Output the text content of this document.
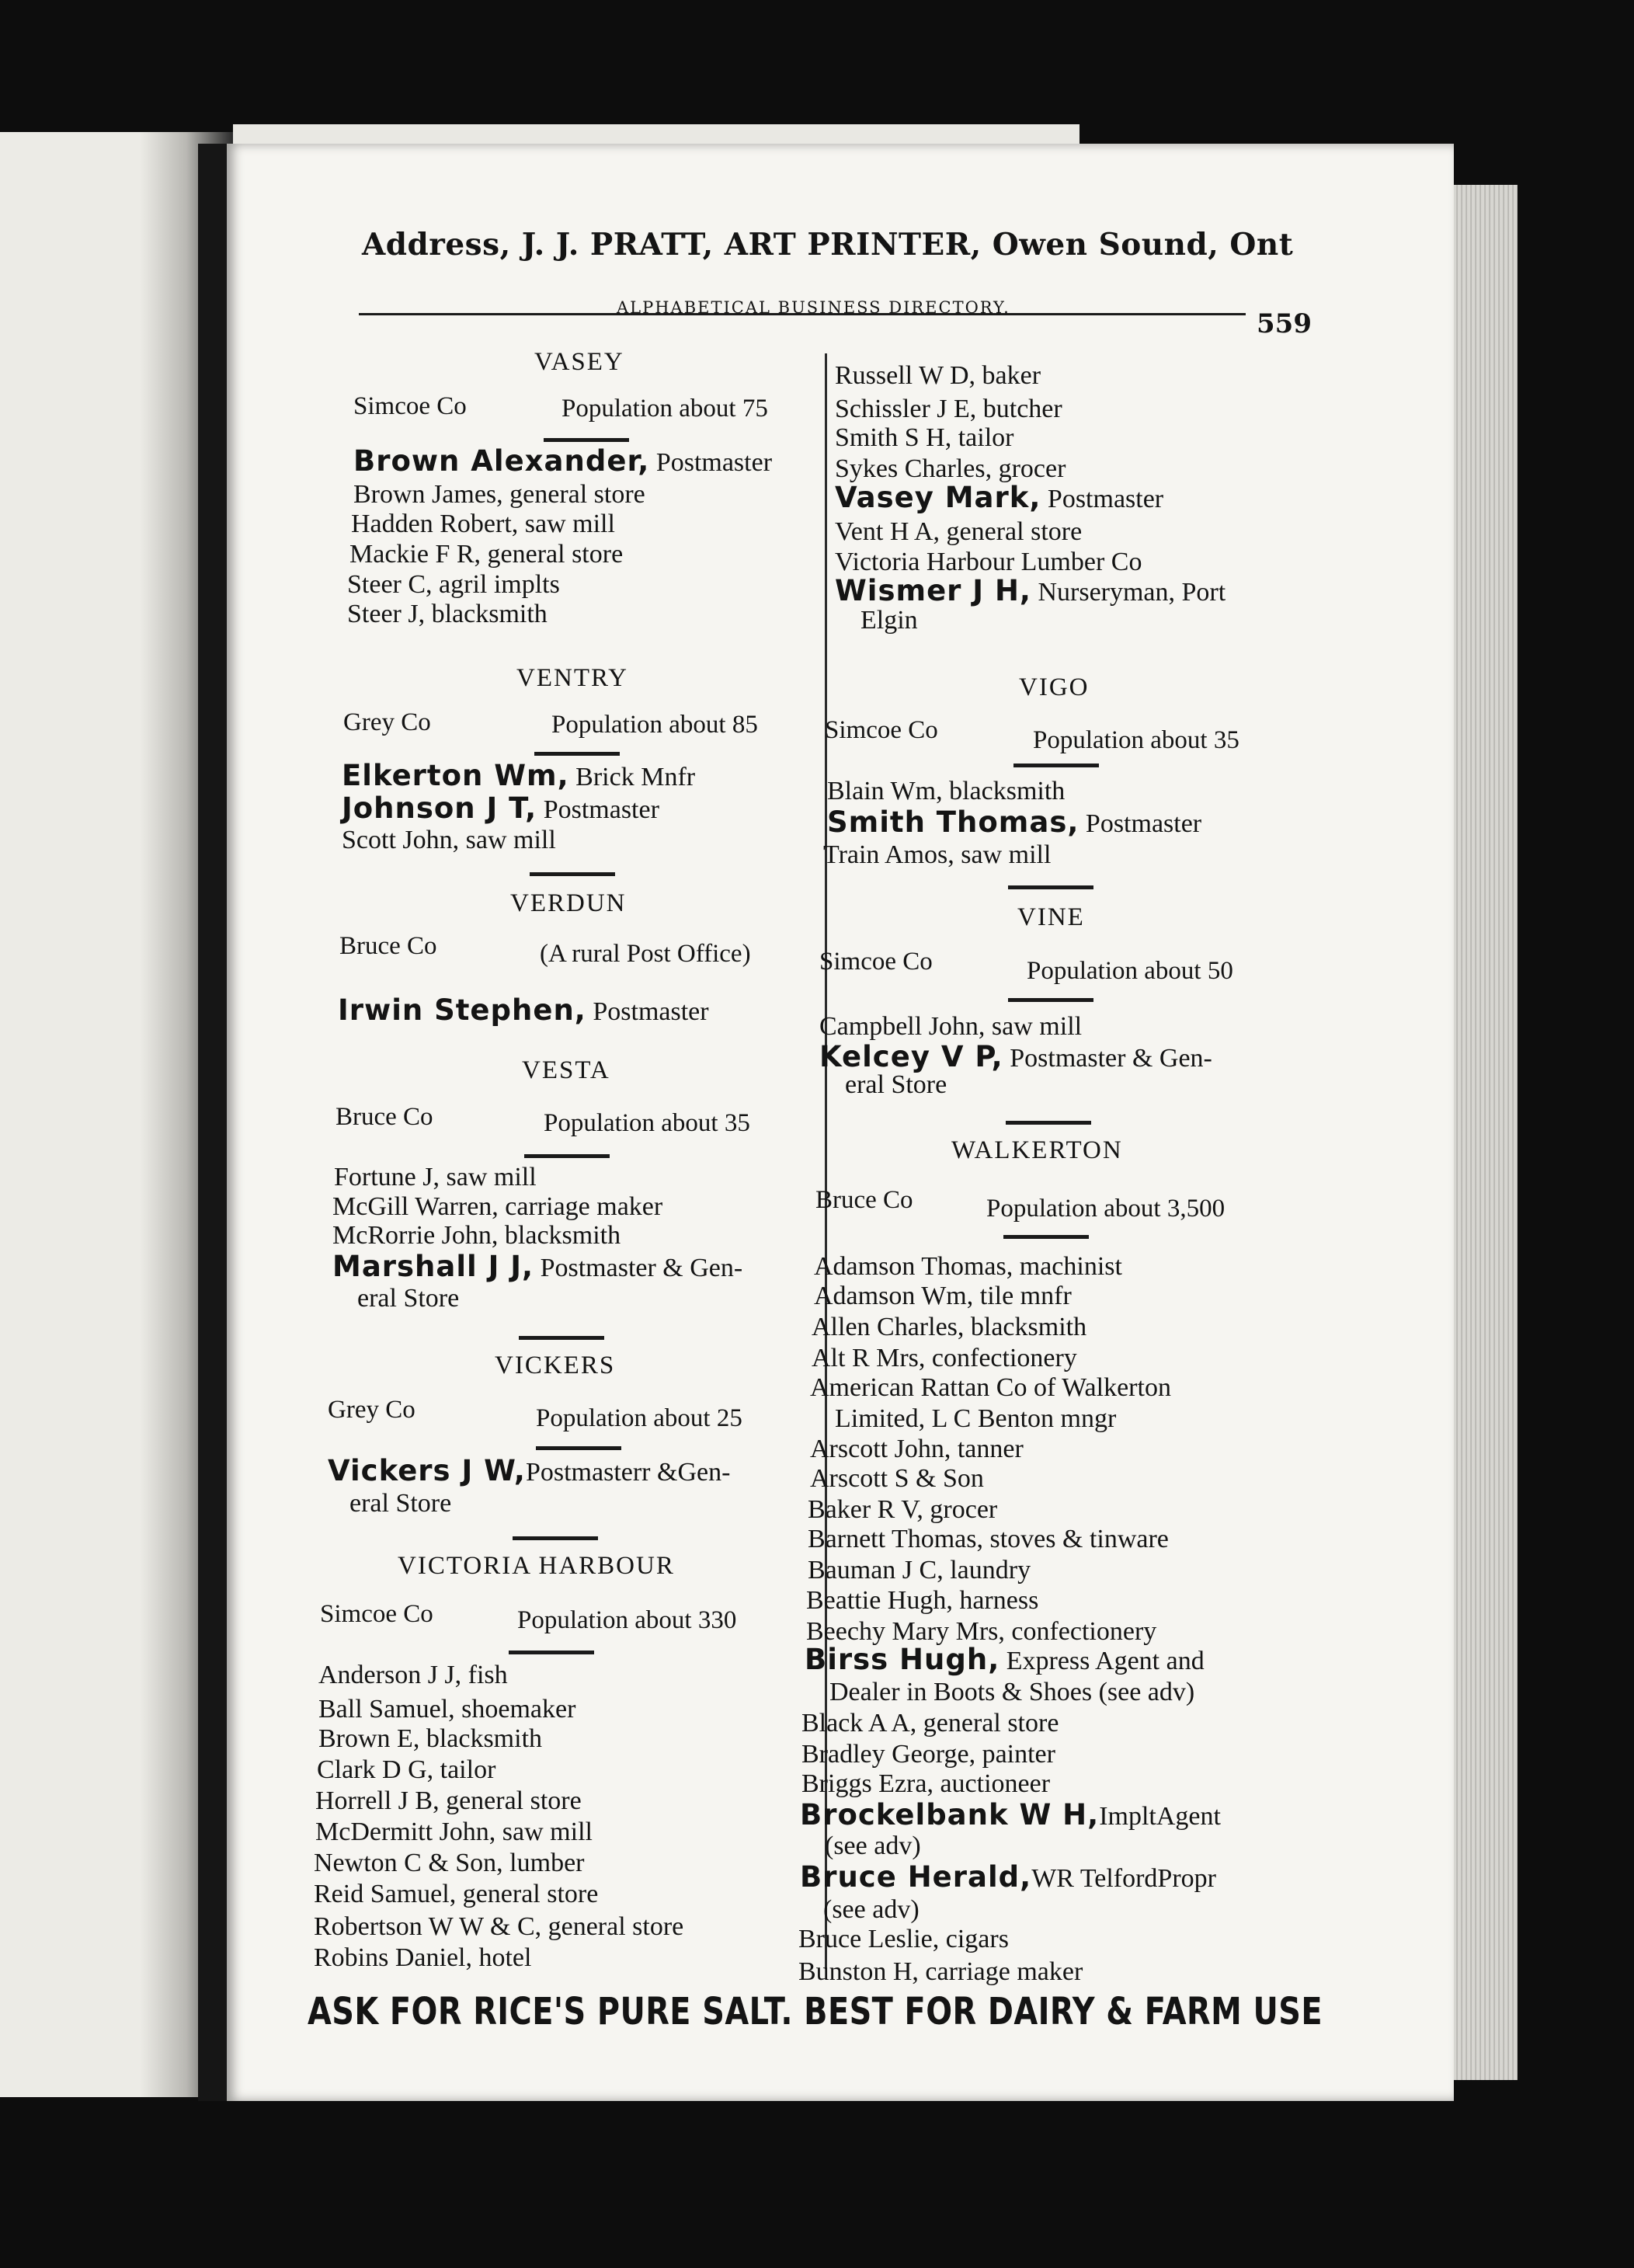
Address, J. J. PRATT, ART PRINTER, Owen Sound, Ont
ALPHABETICAL BUSINESS DIRECTORY.
559
VASEY
Simcoe Co	Population about 75
Brown Alexander, Postmaster
Brown James, general store
Hadden Robert, saw mill
Mackie F R, general store
Steer C, agril implts
Steer J, blacksmith
VENTRY
Grey Co	Population about 85
Elkerton Wm, Brick Mnfr
Johnson J T, Postmaster
Scott John, saw mill
VERDUN
Bruce Co	(A rural Post Office)
Irwin Stephen, Postmaster
VESTA
Bruce Co	Population about 35
Fortune J, saw mill
McGill Warren, carriage maker
McRorrie John, blacksmith
Marshall J J, Postmaster & Gen-
eral Store
VICKERS
Grey Co	Population about 25
Vickers J W,Postmasterr &Gen-
eral Store
VICTORIA HARBOUR
Simcoe Co	Population about 330
Anderson J J, fish
Ball Samuel, shoemaker
Brown E, blacksmith
Clark D G, tailor
Horrell J B, general store
McDermitt John, saw mill
Newton C & Son, lumber
Reid Samuel, general store
Robertson W W & C, general store
Robins Daniel, hotel
Russell W D, baker
Schissler J E, butcher
Smith S H, tailor
Sykes Charles, grocer
Vasey Mark, Postmaster
Vent H A, general store
Victoria Harbour Lumber Co
Wismer J H, Nurseryman, Port
Elgin
VIGO
Simcoe Co	Population about 35
Blain Wm, blacksmith
Smith Thomas, Postmaster
Train Amos, saw mill
VINE
Simcoe Co	Population about 50
Campbell John, saw mill
Kelcey V P, Postmaster & Gen-
eral Store
WALKERTON
Bruce Co	Population about 3,500
Adamson Thomas, machinist
Adamson Wm, tile mnfr
Allen Charles, blacksmith
Alt R Mrs, confectionery
American Rattan Co of Walkerton
Limited, L C Benton mngr
Arscott John, tanner
Arscott S & Son
Baker R V, grocer
Barnett Thomas, stoves & tinware
Bauman J C, laundry
Beattie Hugh, harness
Beechy Mary Mrs, confectionery
Birss Hugh, Express Agent and
Dealer in Boots & Shoes (see adv)
Black A A, general store
Bradley George, painter
Briggs Ezra, auctioneer
Brockelbank W H,ImpltAgent
(see adv)
Bruce Herald,WR TelfordPropr
(see adv)
Bruce Leslie, cigars
Bunston H, carriage maker
ASK FOR RICE'S PURE SALT. BEST FOR DAIRY & FARM USE
